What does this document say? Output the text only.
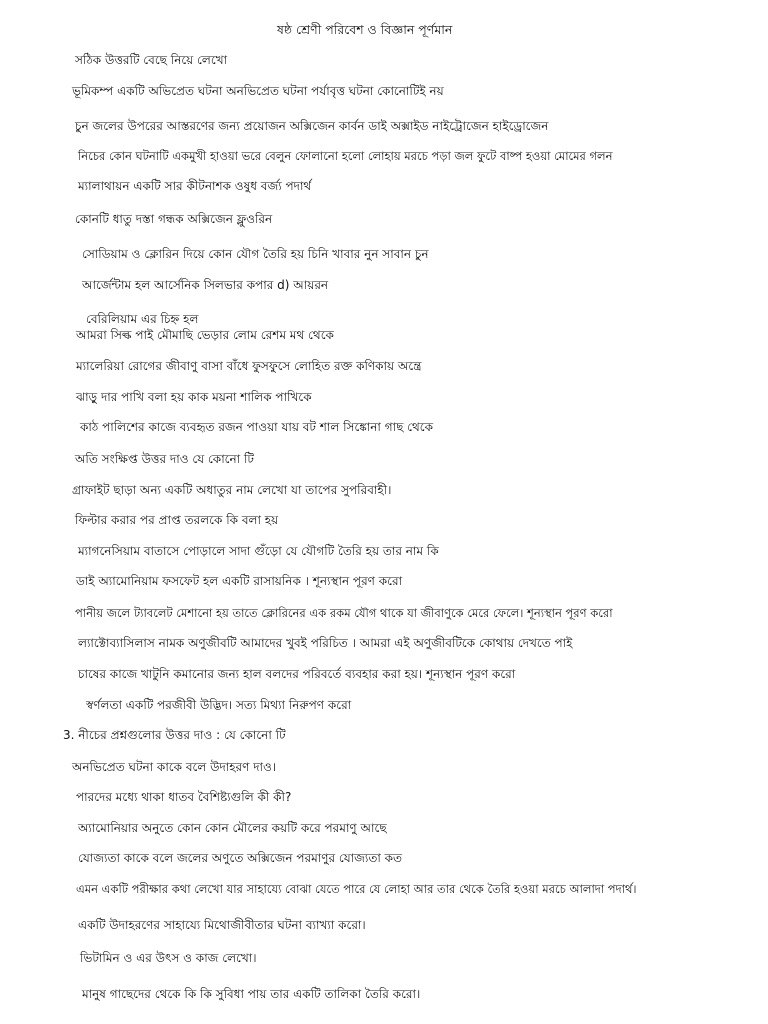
ষষ্ঠ শ্রেণী পরিবেশ ও বিজ্ঞান পূর্ণমান
সঠিক উত্তরটি বেছে নিয়ে লেখো
ভূমিকম্প একটি অভিপ্রেত ঘটনা অনভিপ্রেত ঘটনা পর্যাবৃত্ত ঘটনা কোনোটিই নয়
চুন জলের উপরের আস্তরণের জন্য প্রয়োজন অক্সিজেন কার্বন ডাই অক্সাইড নাইট্রোজেন হাইড্রোজেন
নিচের কোন ঘটনাটি একমুখী হাওয়া ভরে বেলুন ফোলানো হলো লোহায় মরচে পড়া জল ফুটে বাষ্প হওয়া মোমের গলন
ম্যালাথায়ন একটি সার কীটনাশক ওষুধ বর্জ্য পদার্থ
কোনটি ধাতু দস্তা গন্ধক অক্সিজেন ফ্লুওরিন
সোডিয়াম ও ক্লোরিন দিয়ে কোন যৌগ তৈরি হয় চিনি খাবার নুন সাবান চুন
আর্জেন্টাম হল আর্সেনিক সিলভার কপার d) আয়রন
বেরিলিয়াম এর চিহ্ন হল
আমরা সিল্ক পাই মৌমাছি ভেড়ার লোম রেশম মথ থেকে
ম্যালেরিয়া রোগের জীবাণু বাসা বাঁধে ফুসফুসে লোহিত রক্ত কণিকায় অন্ত্রে
ঝাড়ু দার পাখি বলা হয় কাক ময়না শালিক পাখিকে
কাঠ পালিশের কাজে ব্যবহৃত রজন পাওয়া যায় বট শাল সিঙ্কোনা গাছ থেকে
অতি সংক্ষিপ্ত উত্তর দাও যে কোনো টি
গ্রাফাইট ছাড়া অন্য একটি অধাতুর নাম লেখো যা তাপের সুপরিবাহী।
ফিল্টার করার পর প্রাপ্ত তরলকে কি বলা হয়
ম্যাগনেসিয়াম বাতাসে পোড়ালে সাদা গুঁড়ো যে যৌগটি তৈরি হয় তার নাম কি
ডাই অ্যামোনিয়াম ফসফেট হল একটি রাসায়নিক । শূন্যস্থান পূরণ করো
পানীয় জলে ট্যাবলেট মেশানো হয় তাতে ক্লোরিনের এক রকম যৌগ থাকে যা জীবাণুকে মেরে ফেলে। শূন্যস্থান পূরণ করো
ল্যাক্টোব্যাসিলাস নামক অণুজীবটি আমাদের খুবই পরিচিত । আমরা এই অণুজীবটিকে কোথায় দেখতে পাই
চাষের কাজে খাটুনি কমানোর জন্য হাল বলদের পরিবর্তে ব্যবহার করা হয়। শূন্যস্থান পূরণ করো
স্বর্ণলতা একটি পরজীবী উদ্ভিদ। সত্য মিথ্যা নিরুপণ করো
3. নীচের প্রশ্নগুলোর উত্তর দাও : যে কোনো টি
অনভিপ্রেত ঘটনা কাকে বলে উদাহরণ দাও।
পারদের মধ্যে থাকা ধাতব বৈশিষ্ট্যগুলি কী কী?
অ্যামোনিয়ার অনুতে কোন কোন মৌলের কয়টি করে পরমাণু আছে
যোজ্যতা কাকে বলে জলের অণুতে অক্সিজেন পরমাণুর যোজ্যতা কত
এমন একটি পরীক্ষার কথা লেখো যার সাহায্যে বোঝা যেতে পারে যে লোহা আর তার থেকে তৈরি হওয়া মরচে আলাদা পদার্থ।
একটি উদাহরণের সাহায্যে মিথোজীবীতার ঘটনা ব্যাখ্যা করো।
ভিটামিন ও এর উৎস ও কাজ লেখো।
মানুষ গাছেদের থেকে কি কি সুবিধা পায় তার একটি তালিকা তৈরি করো।
